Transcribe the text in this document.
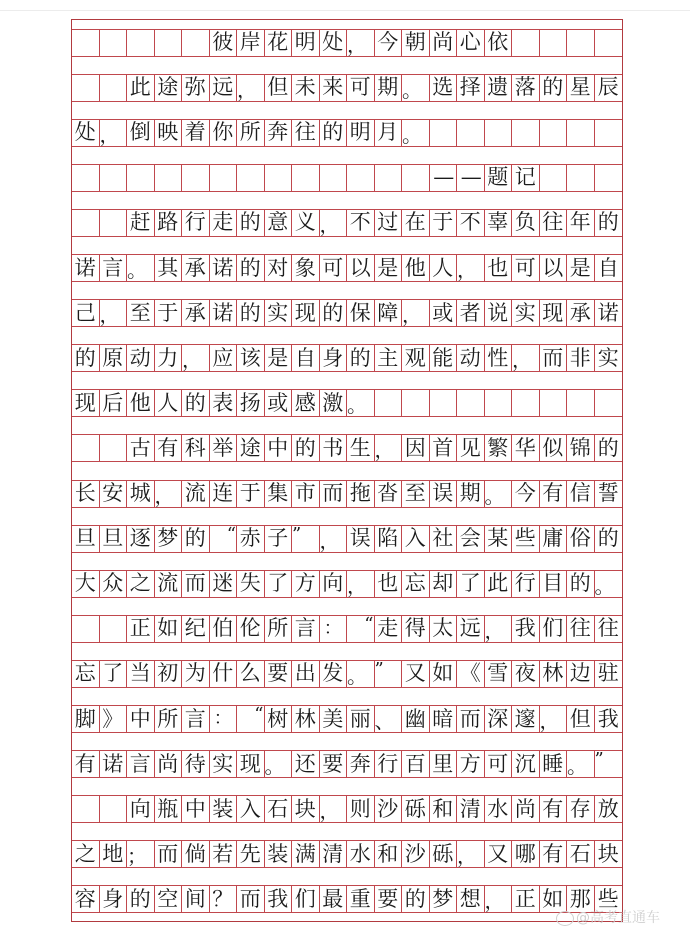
彼 岸 花 明 处 ， 今 朝 尚 心 依
此 途 弥 远 ， 但 未 来 可 期 。 选 择 遗 落 的 星 辰
处 ， 倒 映 着 你 所 奔 往 的 明 月 。
— — 题 记
赶 路 行 走 的 意 义 ， 不 过 在 于 不 辜 负 往 年 的
诺 言 。 其 承 诺 的 对 象 可 以 是 他 人 ， 也 可 以 是 自
己 ， 至 于 承 诺 的 实 现 的 保 障 ， 或 者 说 实 现 承 诺
的 原 动 力 ， 应 该 是 自 身 的 主 观 能 动 性 ， 而 非 实
现 后 他 人 的 表 扬 或 感 激 。
古 有 科 举 途 中 的 书 生 ， 因 首 见 繁 华 似 锦 的
长 安 城 ， 流 连 于 集 市 而 拖 沓 至 误 期 。 今 有 信 誓
旦 旦 逐 梦 的	“ 赤 子 ” ， 误 陷 入 社 会 某 些 庸 俗 的
大 众 之 流 而 迷 失 了 方 向 ， 也 忘 却 了 此 行 目 的 。
正 如 纪 伯 伦 所 言 ：	“ 走 得 太 远 ， 我 们 往 往
忘 了 当 初 为 什 么 要 出 发 。 ”	又 如 《 雪 夜 林 边 驻
脚 》 中 所 言 ：	“ 树 林 美 丽 、 幽 暗 而 深 邃 ， 但 我
有 诺 言 尚 待 实 现 。 还 要 奔 行 百 里 方 可 沉 睡 。 ”
向 瓶 中 装 入 石 块 ， 则 沙 砾 和 清 水 尚 有 存 放
之 地 ； 而 倘 若 先 装 满 清 水 和 沙 砾 ， 又 哪 有 石 块
容 身 的 空 间 ？ 而 我 们 最 重 要 的 梦 想 ， 正 如 那 些
@高考直通车
